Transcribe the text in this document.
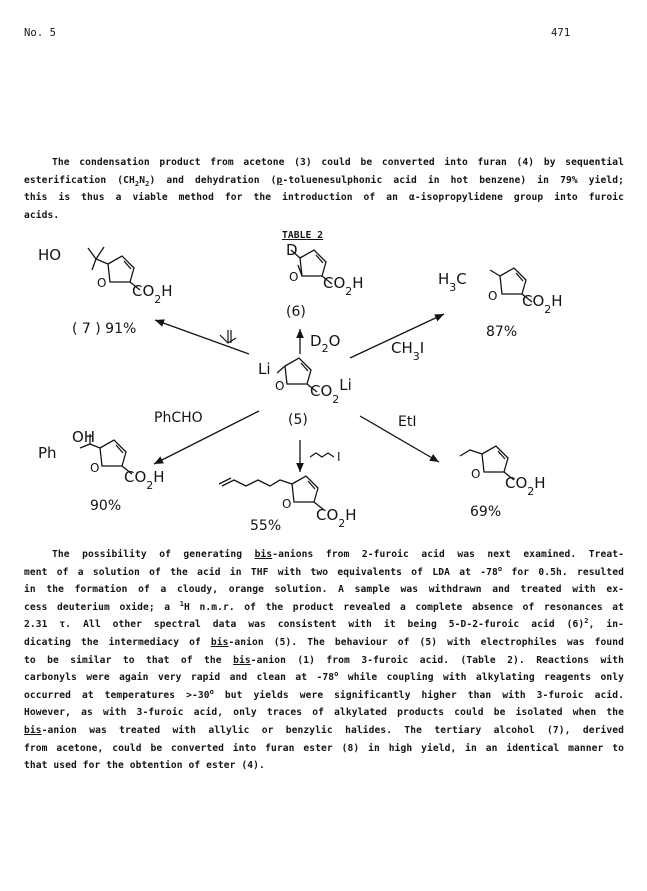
No. 5	471
The condensation product from acetone (3) could be converted into furan (4) by sequential
esterification $(CH_2N_2)$ and dehydration (p-toluenesulphonic acid in hot benzene) in 79% yield;
this is thus a viable method for the introduction of an α-isopropylidene group into furoic
acids.
TABLE 2
D
O $CO_2H$
(6)
$D_2O$
HO
O $CO_2H$
( 7 ) 91%
$H_3C$
O $CO_2H$
87%
$CH_3I$
Li
O $CO_2Li$
(5)
PhCHO	EtI
I
OH
Ph
O $CO_2H$
90%	O
$CO_2H$
55%
O $CO_2H$
69%
The possibility of generating bis-anions from 2-furoic acid was next examined. Treat-
ment of a solution of the acid in THF with two equivalents of LDA at -78$^o$ for 0.5h. resulted
in the formation of a cloudy, orange solution. A sample was withdrawn and treated with ex-
cess deuterium oxide; a $^1$H n.m.r. of the product revealed a complete absence of resonances at
2.31 τ. All other spectral data was consistent with it being 5-D-2-furoic acid $(6)^2$, in-
dicating the intermediacy of bis-anion (5). The behaviour of (5) with electrophiles was found
to be similar to that of the bis-anion (1) from 3-furoic acid. (Table 2). Reactions with
carbonyls were again very rapid and clean at -78$^o$ while coupling with alkylating reagents only
occurred at temperatures $>-30^o$ but yields were significantly higher than with 3-furoic acid.
However, as with 3-furoic acid, only traces of alkylated products could be isolated when the
bis-anion was treated with allylic or benzylic halides. The tertiary alcohol (7), derived
from acetone, could be converted into furan ester (8) in high yield, in an identical manner to
that used for the obtention of ester (4).
